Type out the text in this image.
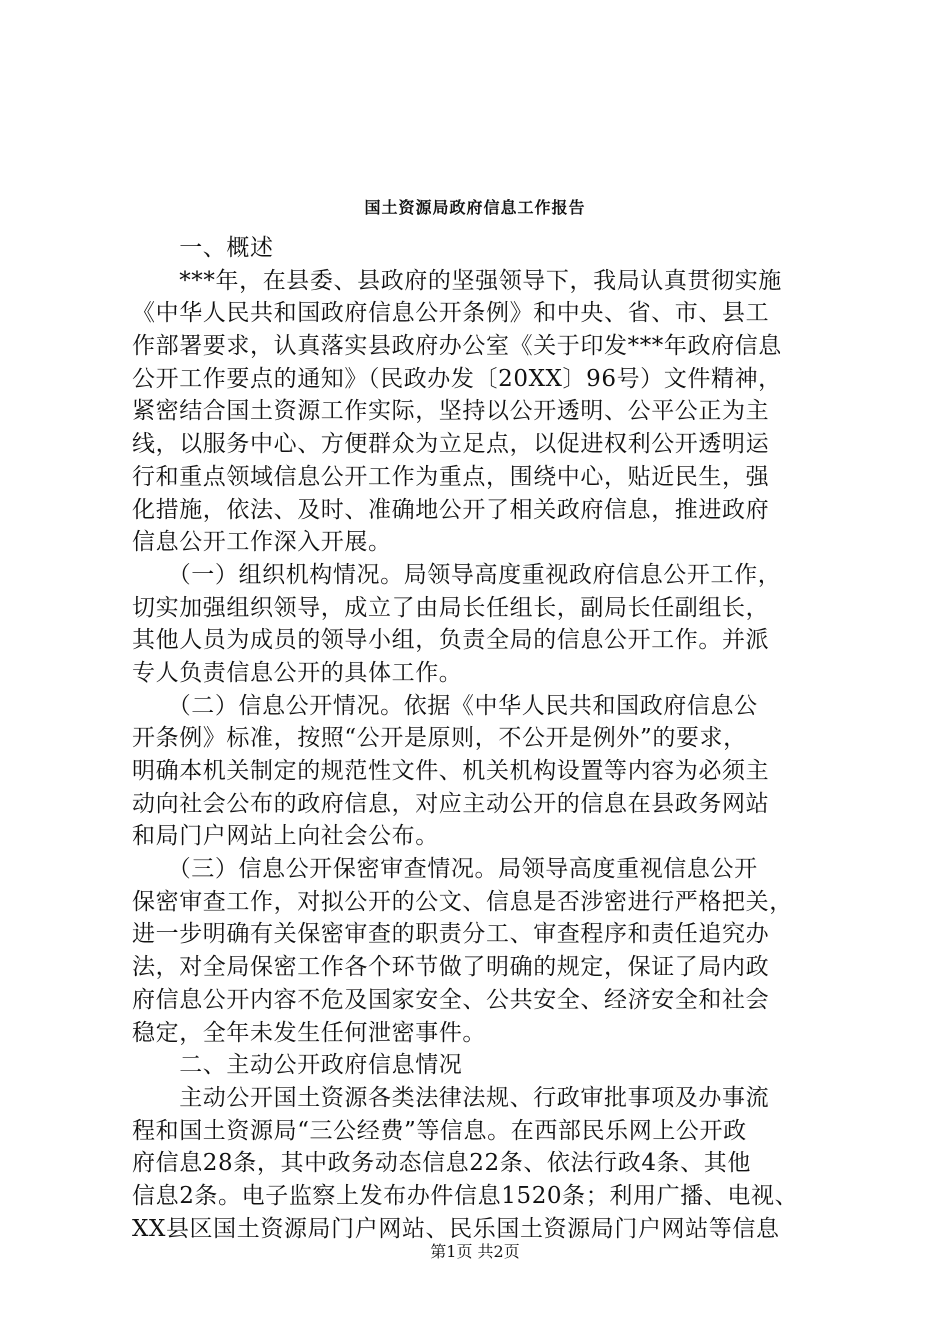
国土资源局政府信息工作报告
　　一、概述
　　***年，在县委、县政府的坚强领导下，我局认真贯彻实施
《中华人民共和国政府信息公开条例》和中央、省、市、县工
作部署要求，认真落实县政府办公室《关于印发***年政府信息
公开工作要点的通知》（民政办发〔20XX〕96号）文件精神，
紧密结合国土资源工作实际，坚持以公开透明、公平公正为主
线，以服务中心、方便群众为立足点，以促进权利公开透明运
行和重点领域信息公开工作为重点，围绕中心，贴近民生，强
化措施，依法、及时、准确地公开了相关政府信息，推进政府
信息公开工作深入开展。
　　（一）组织机构情况。局领导高度重视政府信息公开工作，
切实加强组织领导，成立了由局长任组长，副局长任副组长，
其他人员为成员的领导小组，负责全局的信息公开工作。并派
专人负责信息公开的具体工作。
　　（二）信息公开情况。依据《中华人民共和国政府信息公
开条例》标准，按照“公开是原则，不公开是例外”的要求，
明确本机关制定的规范性文件、机关机构设置等内容为必须主
动向社会公布的政府信息，对应主动公开的信息在县政务网站
和局门户网站上向社会公布。
　　（三）信息公开保密审查情况。局领导高度重视信息公开
保密审查工作，对拟公开的公文、信息是否涉密进行严格把关，
进一步明确有关保密审查的职责分工、审查程序和责任追究办
法，对全局保密工作各个环节做了明确的规定，保证了局内政
府信息公开内容不危及国家安全、公共安全、经济安全和社会
稳定，全年未发生任何泄密事件。
　　二、主动公开政府信息情况
　　主动公开国土资源各类法律法规、行政审批事项及办事流
程和国土资源局“三公经费”等信息。在西部民乐网上公开政
府信息28条，其中政务动态信息22条、依法行政4条、其他
信息2条。电子监察上发布办件信息1520条；利用广播、电视、
XX县区国土资源局门户网站、民乐国土资源局门户网站等信息
第1页 共2页
